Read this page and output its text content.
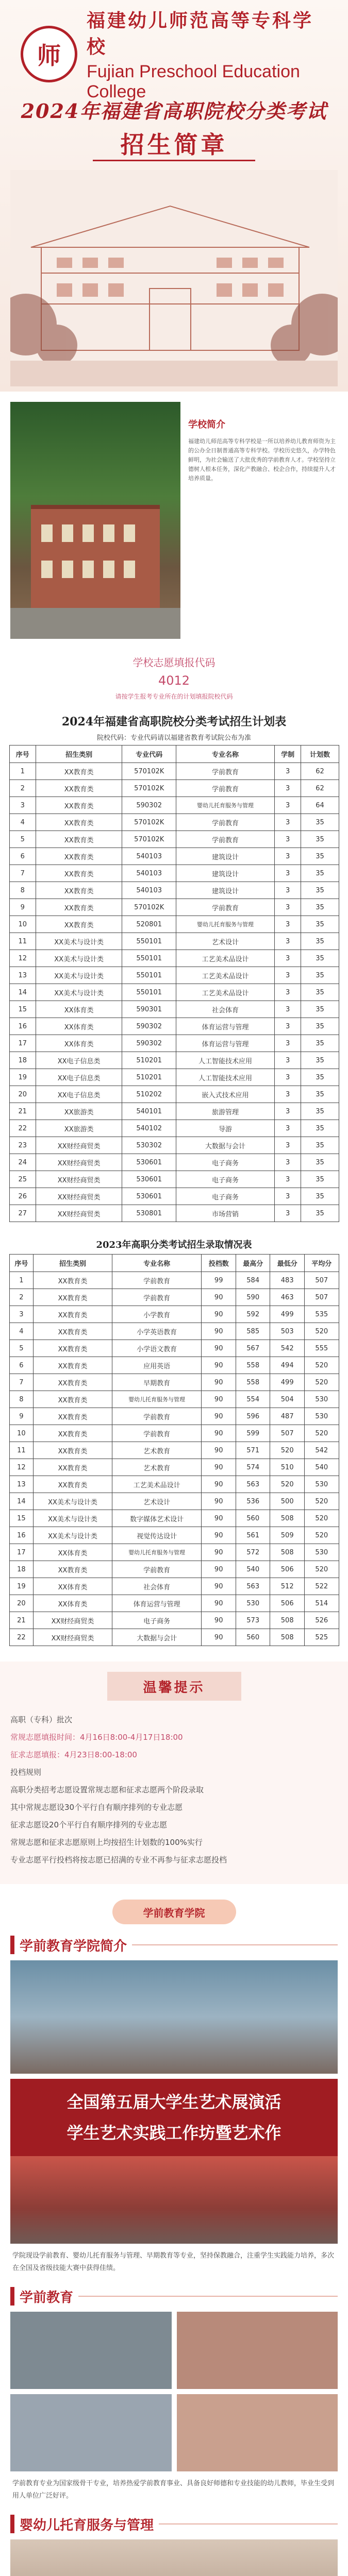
师
福建幼儿师范高等专科学校
Fujian Preschool Education College
2024年福建省高职院校分类考试
招生简章
学校简介
福建幼儿师范高等专科学校是一所以培养幼儿教育师资为主的公办全日制普通高等专科学校。学校历史悠久，办学特色鲜明，为社会输送了大批优秀的学前教育人才。学校坚持立德树人根本任务，深化产教融合、校企合作，持续提升人才培养质量。
学校志愿填报代码
4012
请按学生报考专业所在的计划填报院校代码
2024年福建省高职院校分类考试招生计划表
院校代码：专业代码请以福建省教育考试院公布为准
序号	招生类别	专业代码	专业名称	学制	计划数
1	XX教育类	570102K	学前教育	3	62
2	XX教育类	570102K	学前教育	3	62
3	XX教育类	590302	婴幼儿托育服务与管理	3	64
4	XX教育类	570102K	学前教育	3	35
5	XX教育类	570102K	学前教育	3	35
6	XX教育类	540103	建筑设计	3	35
7	XX教育类	540103	建筑设计	3	35
8	XX教育类	540103	建筑设计	3	35
9	XX教育类	570102K	学前教育	3	35
10	XX教育类	520801	婴幼儿托育服务与管理	3	35
11	XX美术与设计类	550101	艺术设计	3	35
12	XX美术与设计类	550101	工艺美术品设计	3	35
13	XX美术与设计类	550101	工艺美术品设计	3	35
14	XX美术与设计类	550101	工艺美术品设计	3	35
15	XX体育类	590301	社会体育	3	35
16	XX体育类	590302	体育运营与管理	3	35
17	XX体育类	590302	体育运营与管理	3	35
18	XX电子信息类	510201	人工智能技术应用	3	35
19	XX电子信息类	510201	人工智能技术应用	3	35
20	XX电子信息类	510202	嵌入式技术应用	3	35
21	XX旅游类	540101	旅游管理	3	35
22	XX旅游类	540102	导游	3	35
23	XX财经商贸类	530302	大数据与会计	3	35
24	XX财经商贸类	530601	电子商务	3	35
25	XX财经商贸类	530601	电子商务	3	35
26	XX财经商贸类	530601	电子商务	3	35
27	XX财经商贸类	530801	市场营销	3	35
2023年高职分类考试招生录取情况表
序号	招生类别	专业名称	投档数	最高分	最低分	平均分
1	XX教育类	学前教育	99	584	483	507
2	XX教育类	学前教育	90	590	463	507
3	XX教育类	小学教育	90	592	499	535
4	XX教育类	小学英语教育	90	585	503	520
5	XX教育类	小学语文教育	90	567	542	555
6	XX教育类	应用英语	90	558	494	520
7	XX教育类	早期教育	90	558	499	520
8	XX教育类	婴幼儿托育服务与管理	90	554	504	530
9	XX教育类	学前教育	90	596	487	530
10	XX教育类	学前教育	90	599	507	520
11	XX教育类	艺术教育	90	571	520	542
12	XX教育类	艺术教育	90	574	510	540
13	XX教育类	工艺美术品设计	90	563	520	530
14	XX美术与设计类	艺术设计	90	536	500	520
15	XX美术与设计类	数字媒体艺术设计	90	560	508	520
16	XX美术与设计类	视觉传达设计	90	561	509	520
17	XX体育类	婴幼儿托育服务与管理	90	572	508	530
18	XX教育类	学前教育	90	540	506	520
19	XX体育类	社会体育	90	563	512	522
20	XX体育类	体育运营与管理	90	530	506	514
21	XX财经商贸类	电子商务	90	573	508	526
22	XX财经商贸类	大数据与会计	90	560	508	525
温馨提示

高职（专科）批次

常规志愿填报时间：4月16日8:00-4月17日18:00

征求志愿填报：4月23日8:00-18:00

投档规则

高职分类招考志愿设置常规志愿和征求志愿两个阶段录取

其中常规志愿设30个平行自有顺序排列的专业志愿

征求志愿设20个平行自有顺序排列的专业志愿

常规志愿和征求志愿原则上均按招生计划数的100%实行

专业志愿平行投档将按志愿已招满的专业不再参与征求志愿投档

学前教育学院
学前教育学院简介
全国第五届大学生艺术展演活
学生艺术实践工作坊暨艺术作
学院现设学前教育、婴幼儿托育服务与管理、早期教育等专业，坚持保教融合，注重学生实践能力培养，多次在全国及省级技能大赛中获得佳绩。
学前教育
学前教育专业为国家级骨干专业，培养热爱学前教育事业、具备良好师德和专业技能的幼儿教师，毕业生受到用人单位广泛好评。
婴幼儿托育服务与管理
